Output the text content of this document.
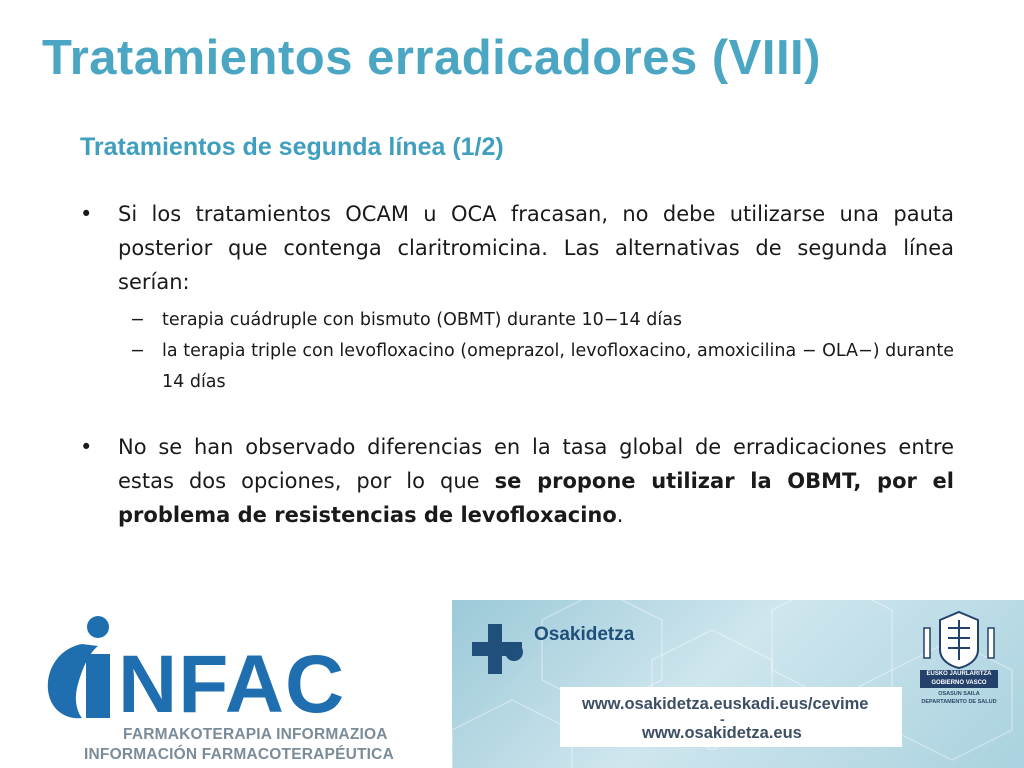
Tratamientos erradicadores (VIII)
Tratamientos de segunda línea (1/2)
• Si los tratamientos OCAM u OCA fracasan, no debe utilizarse una pauta posterior que contenga claritromicina. Las alternativas de segunda línea serían:
− terapia cuádruple con bismuto (OBMT) durante 10−14 días
− la terapia triple con levofloxacino (omeprazol, levofloxacino, amoxicilina − OLA−) durante 14 días
• No se han observado diferencias en la tasa global de erradicaciones entre estas dos opciones, por lo que se propone utilizar la OBMT, por el problema de resistencias de levofloxacino.
NFAC
FARMAKOTERAPIA INFORMAZIOA
INFORMACIÓN FARMACOTERAPÉUTICA
Osakidetza
EUSKO JAURLARITZA
GOBIERNO VASCO
OSASUN SAILA
DEPARTAMENTO DE SALUD
www.osakidetza.euskadi.eus/cevime
-
www.osakidetza.eus
